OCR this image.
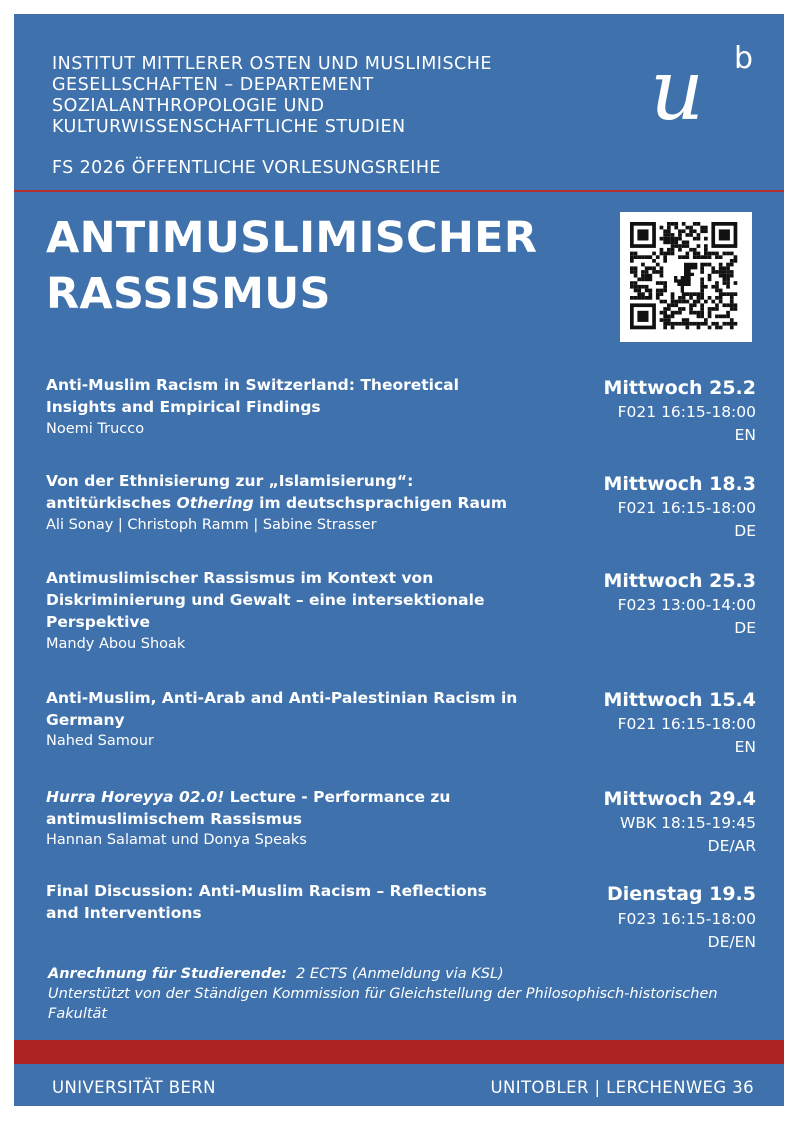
INSTITUT MITTLERER OSTEN UND MUSLIMISCHE
GESELLSCHAFTEN – DEPARTEMENT
SOZIALANTHROPOLOGIE UND
KULTURWISSENSCHAFTLICHE STUDIEN
FS 2026 ÖFFENTLICHE VORLESUNGSREIHE
u b
ANTIMUSLIMISCHER
RASSISMUS
Anti-Muslim Racism in Switzerland: Theoretical
Insights and Empirical Findings
Noemi Trucco
Mittwoch 25.2
F021 16:15-18:00
EN
Von der Ethnisierung zur „Islamisierung“:
antitürkisches Othering im deutschsprachigen Raum
Ali Sonay | Christoph Ramm | Sabine Strasser
Mittwoch 18.3
F021 16:15-18:00
DE
Antimuslimischer Rassismus im Kontext von
Diskriminierung und Gewalt – eine intersektionale
Perspektive
Mandy Abou Shoak
Mittwoch 25.3
F023 13:00-14:00
DE
Anti-Muslim, Anti-Arab and Anti-Palestinian Racism in
Germany
Nahed Samour
Mittwoch 15.4
F021 16:15-18:00
EN
Hurra Horeyya 02.0! Lecture - Performance zu
antimuslimischem Rassismus
Hannan Salamat und Donya Speaks
Mittwoch 29.4
WBK 18:15-19:45
DE/AR
Final Discussion: Anti-Muslim Racism – Reflections
and Interventions
Dienstag 19.5
F023 16:15-18:00
DE/EN
Anrechnung für Studierende: 2 ECTS (Anmeldung via KSL)
Unterstützt von der Ständigen Kommission für Gleichstellung der Philosophisch-historischen
Fakultät
UNIVERSITÄT BERN	UNITOBLER | LERCHENWEG 36
